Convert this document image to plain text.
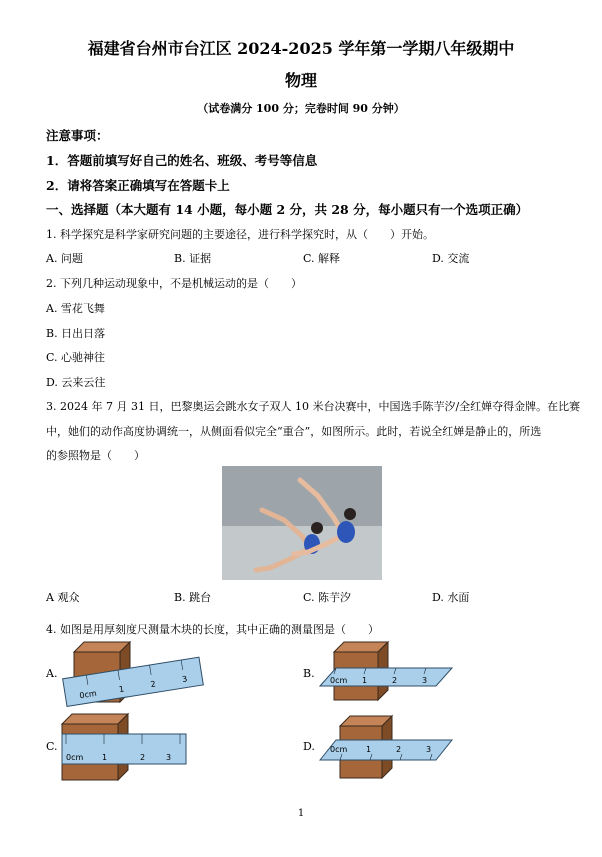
福建省台州市台江区 2024-2025 学年第一学期八年级期中
物理
（试卷满分 100 分；完卷时间 90 分钟）
注意事项：
1．答题前填写好自己的姓名、班级、考号等信息
2．请将答案正确填写在答题卡上
一、选择题（本大题有 14 小题，每小题 2 分，共 28 分，每小题只有一个选项正确）
1. 科学探究是科学家研究问题的主要途径，进行科学探究时，从（　　）开始。
A. 问题	B. 证据	C. 解释	D. 交流
2. 下列几种运动现象中，不是机械运动的是（　　）
A. 雪花飞舞
B. 日出日落
C. 心驰神往
D. 云来云往
3. 2024 年 7 月 31 日，巴黎奥运会跳水女子双人 10 米台决赛中，中国选手陈芋汐/全红婵夺得金牌。在比赛
中，她们的动作高度协调统一，从侧面看似完全“重合”，如图所示。此时，若说全红婵是静止的，所选
的参照物是（　　）
A 观众	B. 跳台	C. 陈芋汐	D. 水面
4. 如图是用厚刻度尺测量木块的长度，其中正确的测量图是（　　）
A.	B.
C.	D.
0cm	1
2
3	0cm 1	2	3
0cm 1	2	3
0cm 1	2	3
1
